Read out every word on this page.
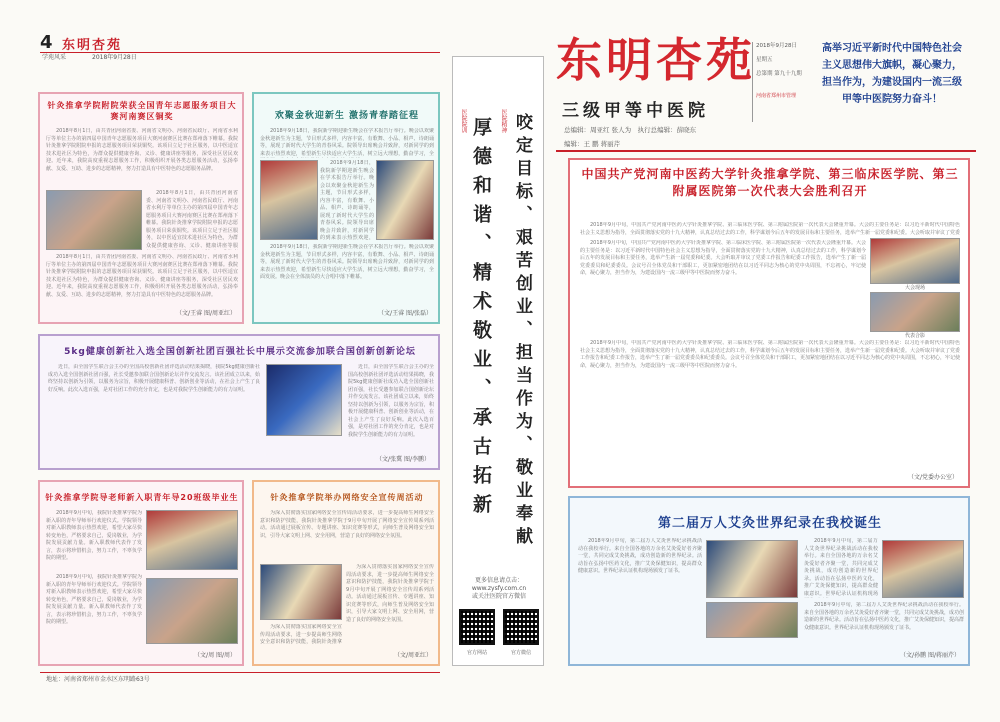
4 东明杏苑
学苑风采	2018年9月28日
针灸推拿学院附院荣获全国青年志愿服务项目大赛河南赛区铜奖
2018年8月1日，由共青团河南省委、河南省文明办、河南省民政厅、河南省水利厅等单位主办的第四届中国青年志愿服务项目大赛河南赛区比赛在郑州落下帷幕。我院针灸推拿学院附院申报的志愿服务项目荣获铜奖。该项目立足于社区服务，以中医适宜技术进社区为特色，为群众提供健康咨询、义诊、健康讲座等服务，深受社区居民欢迎。近年来，我院高度重视志愿服务工作，积极组织开展各类志愿服务活动，弘扬奉献、友爱、互助、进步的志愿精神，努力打造具有中医特色的志愿服务品牌。
2018年8月1日，由共青团河南省委、河南省文明办、河南省民政厅、河南省水利厅等单位主办的第四届中国青年志愿服务项目大赛河南赛区比赛在郑州落下帷幕。我院针灸推拿学院附院申报的志愿服务项目荣获铜奖。该项目立足于社区服务，以中医适宜技术进社区为特色，为群众提供健康咨询、义诊、健康讲座等服
2018年8月1日，由共青团河南省委、河南省文明办、河南省民政厅、河南省水利厅等单位主办的第四届中国青年志愿服务项目大赛河南赛区比赛在郑州落下帷幕。我院针灸推拿学院附院申报的志愿服务项目荣获铜奖。该项目立足于社区服务，以中医适宜技术进社区为特色，为群众提供健康咨询、义诊、健康讲座等服务，深受社区居民欢迎。近年来，我院高度重视志愿服务工作，积极组织开展各类志愿服务活动，弘扬奉献、友爱、互助、进步的志愿精神，努力打造具有中医特色的志愿服务品牌。
（文/王睿 图/周亚红）
欢聚金秋迎新生 激扬青春踏征程
2018年9月18日，我院新学期迎新生晚会在学术报告厅举行。晚会以欢聚金秋迎新生为主题，节目形式多样，内容丰富，有歌舞、小品、相声、诗朗诵等，展现了新时代大学生的青春风采。院领导出席晚会并致辞，对新同学的到来表示热烈欢迎，希望新生尽快适应大学生活，树立远大理想，勤奋学习，全
2018年9月18日，我院新学期迎新生晚会在学术报告厅举行。晚会以欢聚金秋迎新生为主题，节目形式多样，内容丰富，有歌舞、小品、相声、诗朗诵等，展现了新时代大学生的青春风采。院领导出席晚会并致辞，对新同学的到来表示热烈欢迎，
2018年9月18日，我院新学期迎新生晚会在学术报告厅举行。晚会以欢聚金秋迎新生为主题，节目形式多样，内容丰富，有歌舞、小品、相声、诗朗诵等，展现了新时代大学生的青春风采。院领导出席晚会并致辞，对新同学的到来表示热烈欢迎，希望新生尽快适应大学生活，树立远大理想，勤奋学习，全面发展。晚会在全体演员的大合唱中落下帷幕。
（文/王睿 图/张磊）
5kg健康创新社入选全国创新社团百强社长中展示交流参加联合国创新创新论坛
近日，由全国学生联合会主办的全国高校创新社团评选活动结果揭晓，我院5kg健康创新社成功入选全国创新社团百强，社长受邀参加联合国创新论坛并作交流发言。该社团成立以来，始终坚持以创新为引领，以服务为宗旨，积极开展健康科普、创新创业等活动，在社会上产生了良好反响。此次入选百强，是对社团工作的充分肯定，也是对我院学生创新能力的有力证明。
近日，由全国学生联合会主办的全国高校创新社团评选活动结果揭晓，我院5kg健康创新社成功入选全国创新社团百强，社长受邀参加联合国创新论坛并作交流发言。该社团成立以来，始终坚持以创新为引领，以服务为宗旨，积极开展健康科普、创新创业等活动，在社会上产生了良好反响。此次入选百强，是对社团工作的充分肯定，也是对我院学生创新能力的有力证明。
（文/张冀 图/李鹏）
针灸推拿学院导老师新入职青年导20班级毕业生
2018年9月中旬，我院针灸推拿学院为新入职的青年导师举行欢迎仪式。学院领导对新入职教师表示热烈欢迎，希望大家尽快转变角色，严格要求自己，爱岗敬业，为学院发展贡献力量。新入职教师代表作了发言，表示将珍惜机会，努力工作，不辜负学院的期望。
2018年9月中旬，我院针灸推拿学院为新入职的青年导师举行欢迎仪式。学院领导对新入职教师表示热烈欢迎，希望大家尽快转变角色，严格要求自己，爱岗敬业，为学院发展贡献力量。新入职教师代表作了发言，表示将珍惜机会，努力工作，不辜负学院的期望。
（文/周 图/周）
针灸推拿学院举办网络安全宣传周活动
为深入贯彻落实国家网络安全宣传周活动要求，进一步提高师生网络安全意识和防护技能，我院针灸推拿学院于9月中旬开展了网络安全宣传周系列活动。活动通过展板宣传、专题讲座、知识竞赛等形式，向师生普及网络安全知识，引导大家文明上网、安全用网，营造了良好的网络安全氛围。
为深入贯彻落实国家网络安全宣传周活动要求，进一步提高师生网络安全意识和防护技能，我院针灸推拿学院于9月中旬开展了网络安全宣传周系列活动。活动通过展板宣传、专题讲座、知识竞赛等形式，向师生普及网络安全知识，引导大家文明上网、安全用网，营造了良好的网络安全氛围。
为深入贯彻落实国家网络安全宣传周活动要求，进一步提高师生网络安全意识和防护技能，我院针灸推拿
（文/周亚红）
地址：河南省郑州市金水区东明路63号
医院院训 厚德和谐、精术敬业、承古拓新	医院精神 咬定目标、艰苦创业、担当作为、敬业奉献
更多信息请点击：
www.zysfy.com.cn
或关注医院官方微信
官方网站	官方微信
东明杏苑
三级甲等中医院
2018年9月28日
星期五
总第期 第九十九期
河南省郑州市管理
高举习近平新时代中国特色社会主义思想伟大旗帜，凝心聚力，担当作为，为建设国内一流三级甲等中医院努力奋斗！
总编辑：周亚红 张人为　执行总编辑：薛晓东
编辑：王 鹏 蒋丽芹
中国共产党河南中医药大学针灸推拿学院、第三临床医学院、第三附属医院第一次代表大会胜利召开
2018年9月中旬，中国共产党河南中医药大学针灸推拿学院、第三临床医学院、第三附属医院第一次代表大会隆重开幕。大会的主要任务是：以习近平新时代中国特色社会主义思想为指导，全面贯彻落实党的十九大精神，认真总结过去的工作，科学谋划今后五年的发展目标和主要任务，选举产生新一届党委和纪委。大会听取并审议了党委
2018年9月中旬，中国共产党河南中医药大学针灸推拿学院、第三临床医学院、第三附属医院第一次代表大会隆重开幕。大会的主要任务是：以习近平新时代中国特色社会主义思想为指导，全面贯彻落实党的十九大精神，认真总结过去的工作，科学谋划今后五年的发展目标和主要任务，选举产生新一届党委和纪委。大会听取并审议了党委工作报告和纪委工作报告，选举产生了新一届党委委员和纪委委员。会议号召全体党员和干部职工，更加紧密地团结在以习近平同志为核心的党中央周围，不忘初心，牢记使命，凝心聚力，担当作为，为建设国内一流三级甲等中医院而努力奋斗。
大会现场
代表合影
2018年9月中旬，中国共产党河南中医药大学针灸推拿学院、第三临床医学院、第三附属医院第一次代表大会隆重开幕。大会的主要任务是：以习近平新时代中国特色社会主义思想为指导，全面贯彻落实党的十九大精神，认真总结过去的工作，科学谋划今后五年的发展目标和主要任务，选举产生新一届党委和纪委。大会听取并审议了党委工作报告和纪委工作报告，选举产生了新一届党委委员和纪委委员。会议号召全体党员和干部职工，更加紧密地团结在以习近平同志为核心的党中央周围，不忘初心，牢记使命，凝心聚力，担当作为，为建设国内一流三级甲等中医院而努力奋斗。
（文/党委办公室）
第二届万人艾灸世界纪录在我校诞生
2018年9月中旬，第二届万人艾灸世界纪录挑战活动在我校举行。来自全国各地的万余名艾灸爱好者齐聚一堂，共同完成艾灸挑战，成功创造新的世界纪录。活动旨在弘扬中医药文化，推广艾灸保健知识，提高群众健康意识。世界纪录认证机构现场颁发了证书。
2018年9月中旬，第二届万人艾灸世界纪录挑战活动在我校举行。来自全国各地的万余名艾灸爱好者齐聚一堂，共同完成艾灸挑战，成功创造新的世界纪录。活动旨在弘扬中医药文化，推广艾灸保健知识，提高群众健康意识。世界纪录认证机构现场
2018年9月中旬，第二届万人艾灸世界纪录挑战活动在我校举行。来自全国各地的万余名艾灸爱好者齐聚一堂，共同完成艾灸挑战，成功创造新的世界纪录。活动旨在弘扬中医药文化，推广艾灸保健知识，提高群众健康意识。世界纪录认证机构现场颁发了证书。
（文/孙鹏 图/蒋丽芹）
